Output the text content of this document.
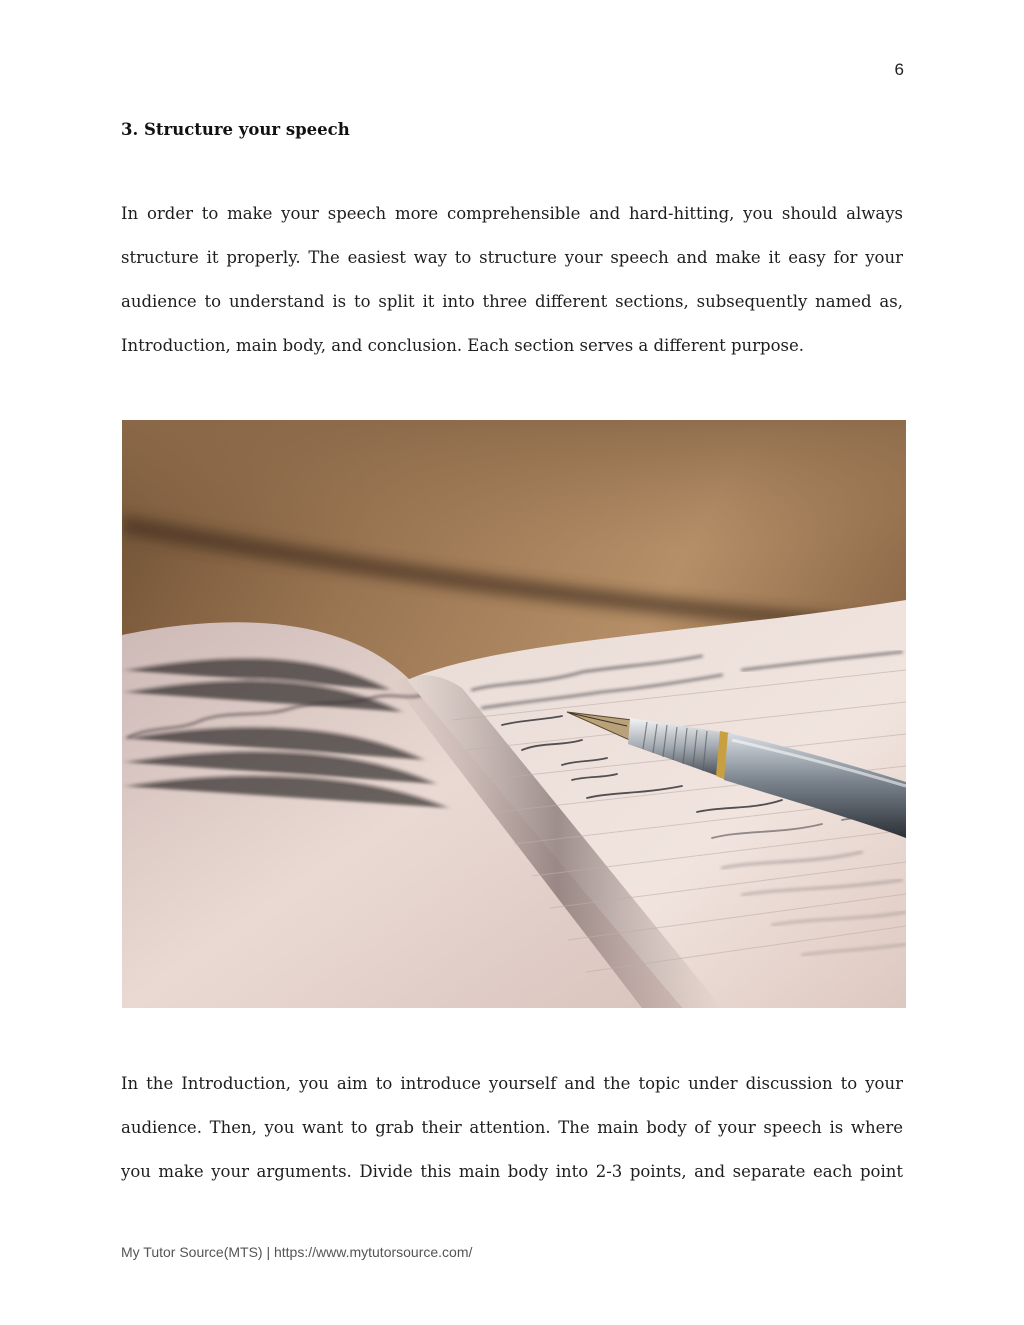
6
3. Structure your speech
In order to make your speech more comprehensible and hard-hitting, you should always
structure it properly. The easiest way to structure your speech and make it easy for your
audience to understand is to split it into three different sections, subsequently named as,
Introduction, main body, and conclusion. Each section serves a different purpose.
In the Introduction, you aim to introduce yourself and the topic under discussion to your
audience. Then, you want to grab their attention. The main body of your speech is where
you make your arguments. Divide this main body into 2-3 points, and separate each point
My Tutor Source(MTS) | https://www.mytutorsource.com/
